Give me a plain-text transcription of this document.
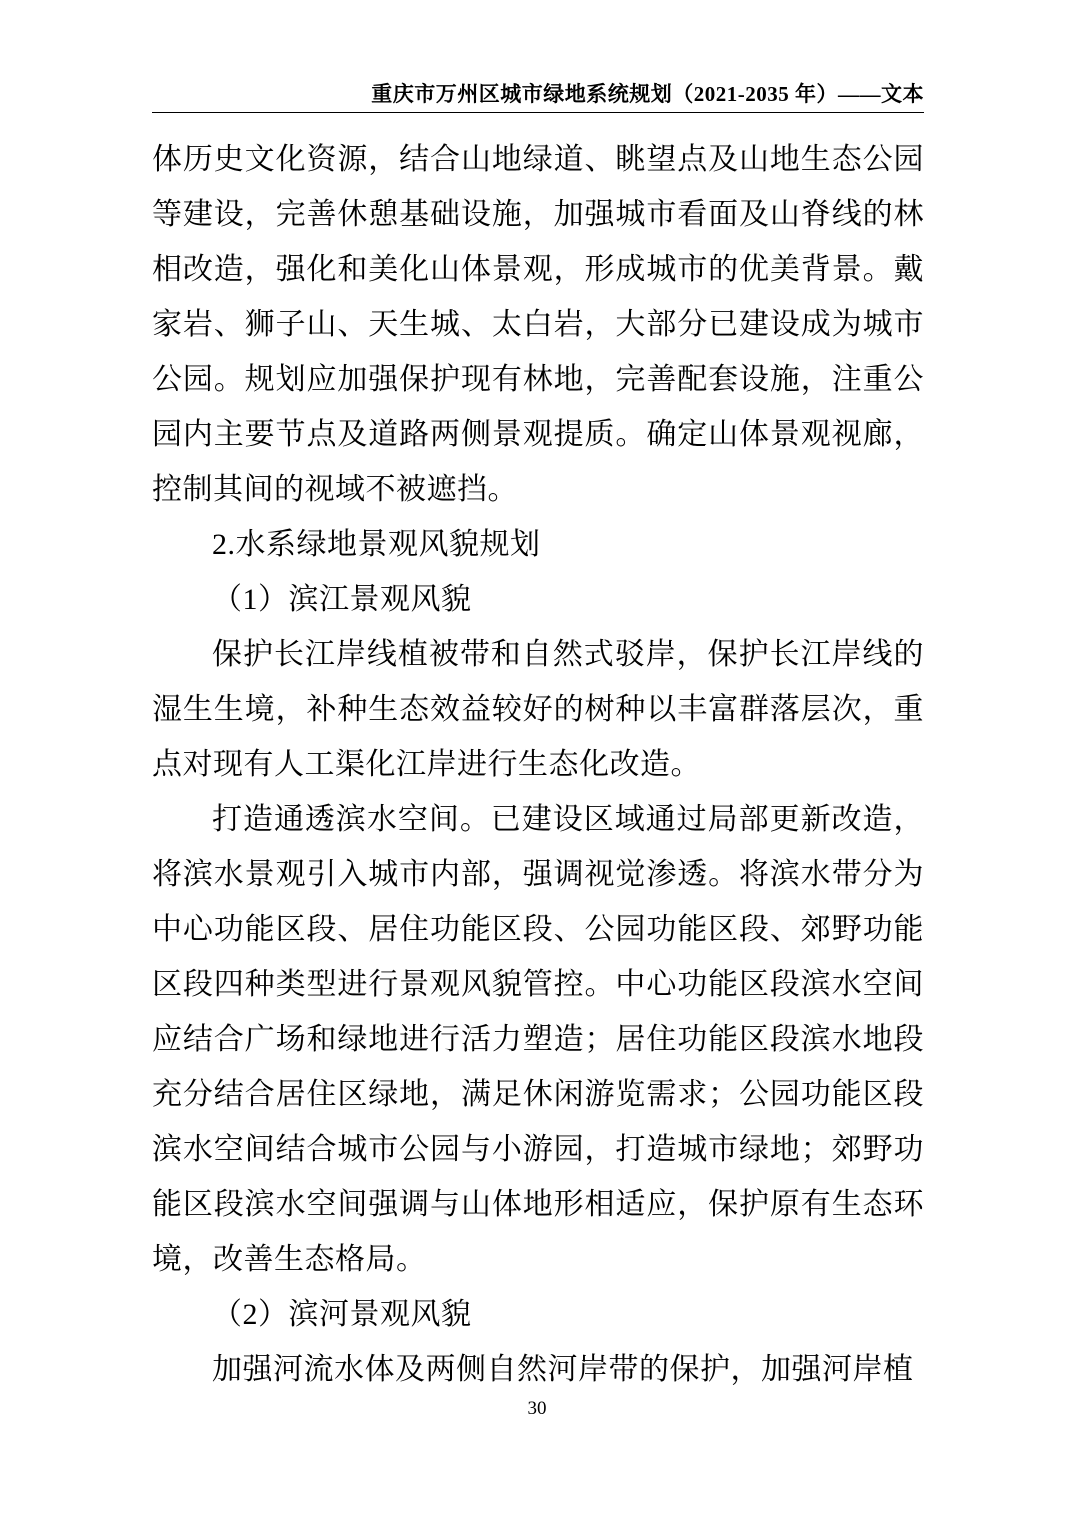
重庆市万州区城市绿地系统规划（2021-2035 年）——文本

体历史文化资源，结合山地绿道、眺望点及山地生态公园等建设，完善休憩基础设施，加强城市看面及山脊线的林相改造，强化和美化山体景观，形成城市的优美背景。戴家岩、狮子山、天生城、太白岩，大部分已建设成为城市公园。规划应加强保护现有林地，完善配套设施，注重公园内主要节点及道路两侧景观提质。确定山体景观视廊，控制其间的视域不被遮挡。

2.水系绿地景观风貌规划

（1）滨江景观风貌

保护长江岸线植被带和自然式驳岸，保护长江岸线的湿生生境，补种生态效益较好的树种以丰富群落层次，重点对现有人工渠化江岸进行生态化改造。

打造通透滨水空间。已建设区域通过局部更新改造，将滨水景观引入城市内部，强调视觉渗透。将滨水带分为中心功能区段、居住功能区段、公园功能区段、郊野功能区段四种类型进行景观风貌管控。中心功能区段滨水空间应结合广场和绿地进行活力塑造；居住功能区段滨水地段充分结合居住区绿地，满足休闲游览需求；公园功能区段滨水空间结合城市公园与小游园，打造城市绿地；郊野功能区段滨水空间强调与山体地形相适应，保护原有生态环境，改善生态格局。

（2）滨河景观风貌

加强河流水体及两侧自然河岸带的保护，加强河岸植

30
